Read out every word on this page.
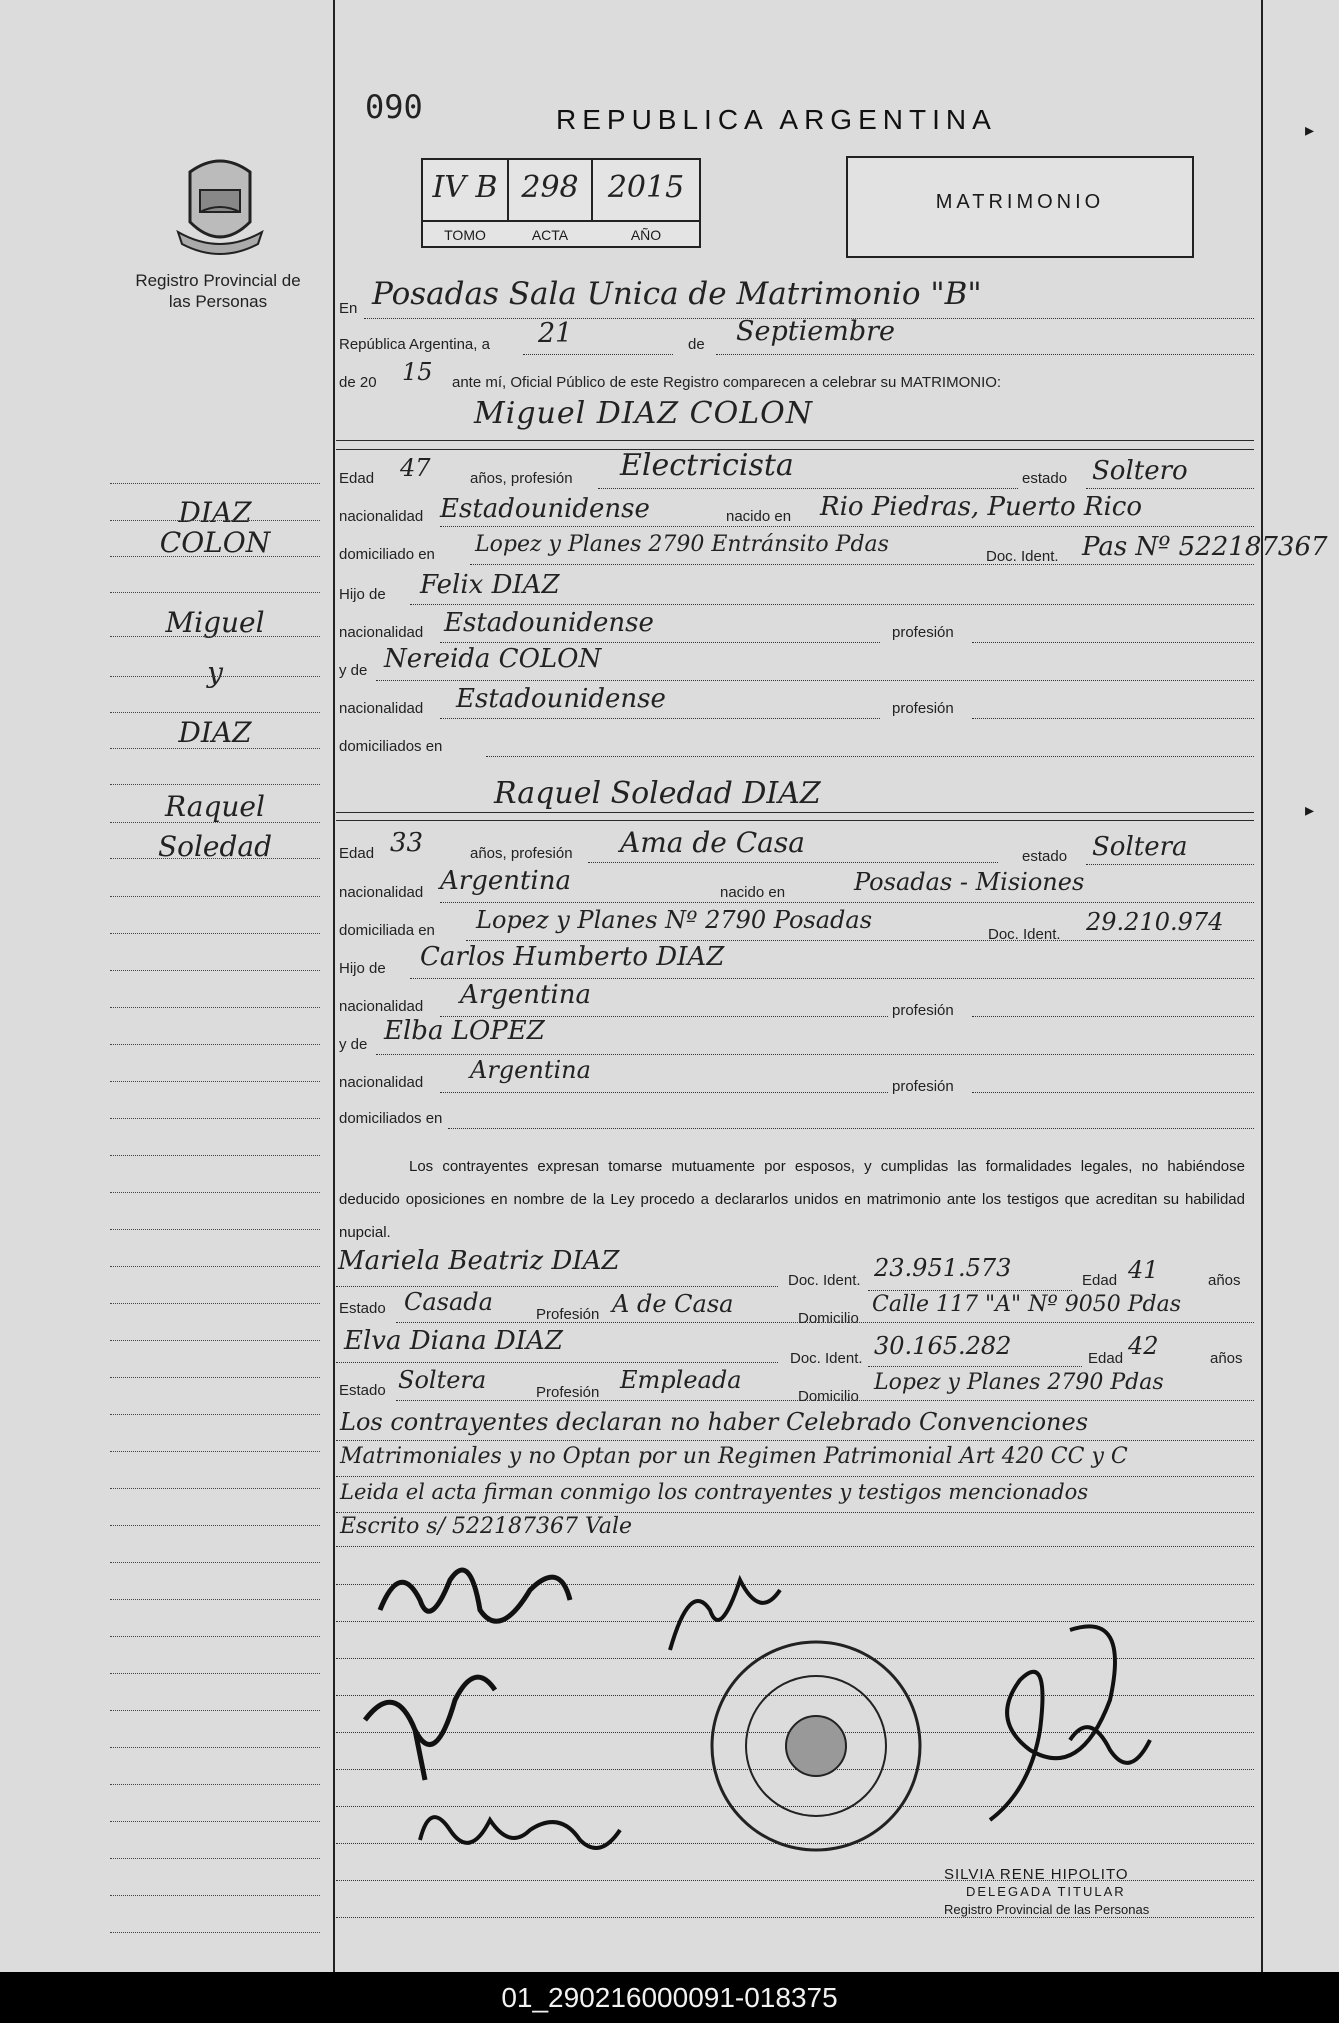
Registro Provincial de las Personas
DIAZ
COLON
Miguel
y
DIAZ
Raquel
Soledad
090	REPUBLICA ARGENTINA
IV B 298 2015
TOMO	ACTA	AÑO
MATRIMONIO
En Posadas Sala Unica de Matrimonio "B"
República Argentina, a 21	de Septiembre
de 20 15 ante mí, Oficial Público de este Registro comparecen a celebrar su MATRIMONIO:
Miguel DIAZ COLON
Edad 47	años, profesión Electricista	estado Soltero
nacionalidad Estadounidense	nacido en Rio Piedras, Puerto Rico
domiciliado en Lopez y Planes 2790 Entránsito Pdas	Doc. Ident. Pas Nº 522187367
Hijo de Felix DIAZ
nacionalidad Estadounidense	profesión
y de Nereida COLON
nacionalidad Estadounidense	profesión
domiciliados en
Raquel Soledad DIAZ
Edad 33	años, profesión Ama de Casa	estado Soltera
nacionalidad Argentina	nacido en	Posadas - Misiones
domiciliada en Lopez y Planes Nº 2790 Posadas
Doc. Ident. 29.210.974
Hijo de Carlos Humberto DIAZ
nacionalidad Argentina
profesión
y de Elba LOPEZ
nacionalidad Argentina
profesión
domiciliados en
Los contrayentes expresan tomarse mutuamente por esposos, y cumplidas las formalidades legales, no habiéndose deducido oposiciones en nombre de la Ley procedo a declararlos unidos en matrimonio ante los testigos que acreditan su habilidad nupcial.
Mariela Beatriz DIAZ
Doc. Ident. 23.951.573	Edad 41	años
Estado Casada	Profesión A de Casa
Domicilio
Calle 117 "A" Nº 9050 Pdas
Elva Diana DIAZ
Doc. Ident. 30.165.282	Edad 42	años
Estado Soltera	Profesión Empleada
Domicilio
Lopez y Planes 2790 Pdas
Los contrayentes declaran no haber Celebrado Convenciones
Matrimoniales y no Optan por un Regimen Patrimonial Art 420 CC y C
Leida el acta firman conmigo los contrayentes y testigos mencionados
Escrito s/ 522187367 Vale
SILVIA RENE HIPOLITO
DELEGADA TITULAR
Registro Provincial de las Personas
▸
▸
01_290216000091-018375
